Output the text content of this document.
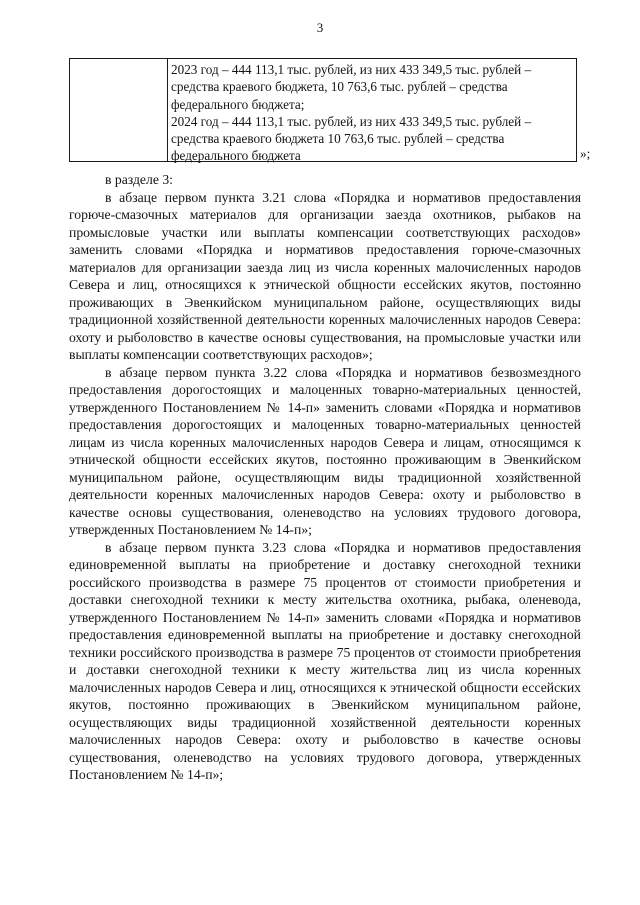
3
2023 год – 444 113,1 тыс. рублей, из них 433 349,5 тыс. рублей –
средства краевого бюджета, 10 763,6 тыс. рублей – средства
федерального бюджета;
2024 год – 444 113,1 тыс. рублей, из них 433 349,5 тыс. рублей –
средства краевого бюджета 10 763,6 тыс. рублей – средства
федерального бюджета	»;
в разделе 3:
в абзаце первом пункта 3.21 слова «Порядка и нормативов предоставления горюче-смазочных материалов для организации заезда охотников, рыбаков на промысловые участки или выплаты компенсации соответствующих расходов» заменить словами «Порядка и нормативов предоставления горюче-смазочных материалов для организации заезда лиц из числа коренных малочисленных народов Севера и лиц, относящихся к этнической общности ессейских якутов, постоянно проживающих в Эвенкийском муниципальном районе, осуществляющих виды традиционной хозяйственной деятельности коренных малочисленных народов Севера: охоту и рыболовство в качестве основы существования, на промысловые участки или выплаты компенсации соответствующих расходов»;
в абзаце первом пункта 3.22 слова «Порядка и нормативов безвозмездного предоставления дорогостоящих и малоценных товарно-материальных ценностей, утвержденного Постановлением № 14-п» заменить словами «Порядка и нормативов предоставления дорогостоящих и малоценных товарно-материальных ценностей лицам из числа коренных малочисленных народов Севера и лицам, относящимся к этнической общности ессейских якутов, постоянно проживающим в Эвенкийском муниципальном районе, осуществляющим виды традиционной хозяйственной деятельности коренных малочисленных народов Севера: охоту и рыболовство в качестве основы существования, оленеводство на условиях трудового договора, утвержденных Постановлением № 14-п»;
в абзаце первом пункта 3.23 слова «Порядка и нормативов предоставления единовременной выплаты на приобретение и доставку снегоходной техники российского производства в размере 75 процентов от стоимости приобретения и доставки снегоходной техники к месту жительства охотника, рыбака, оленевода, утвержденного Постановлением № 14-п» заменить словами «Порядка и нормативов предоставления единовременной выплаты на приобретение и доставку снегоходной техники российского производства в размере 75 процентов от стоимости приобретения и доставки снегоходной техники к месту жительства лиц из числа коренных малочисленных народов Севера и лиц, относящихся к этнической общности ессейских якутов, постоянно проживающих в Эвенкийском муниципальном районе, осуществляющих виды традиционной хозяйственной деятельности коренных малочисленных народов Севера: охоту и рыболовство в качестве основы существования, оленеводство на условиях трудового договора, утвержденных Постановлением № 14-п»;
